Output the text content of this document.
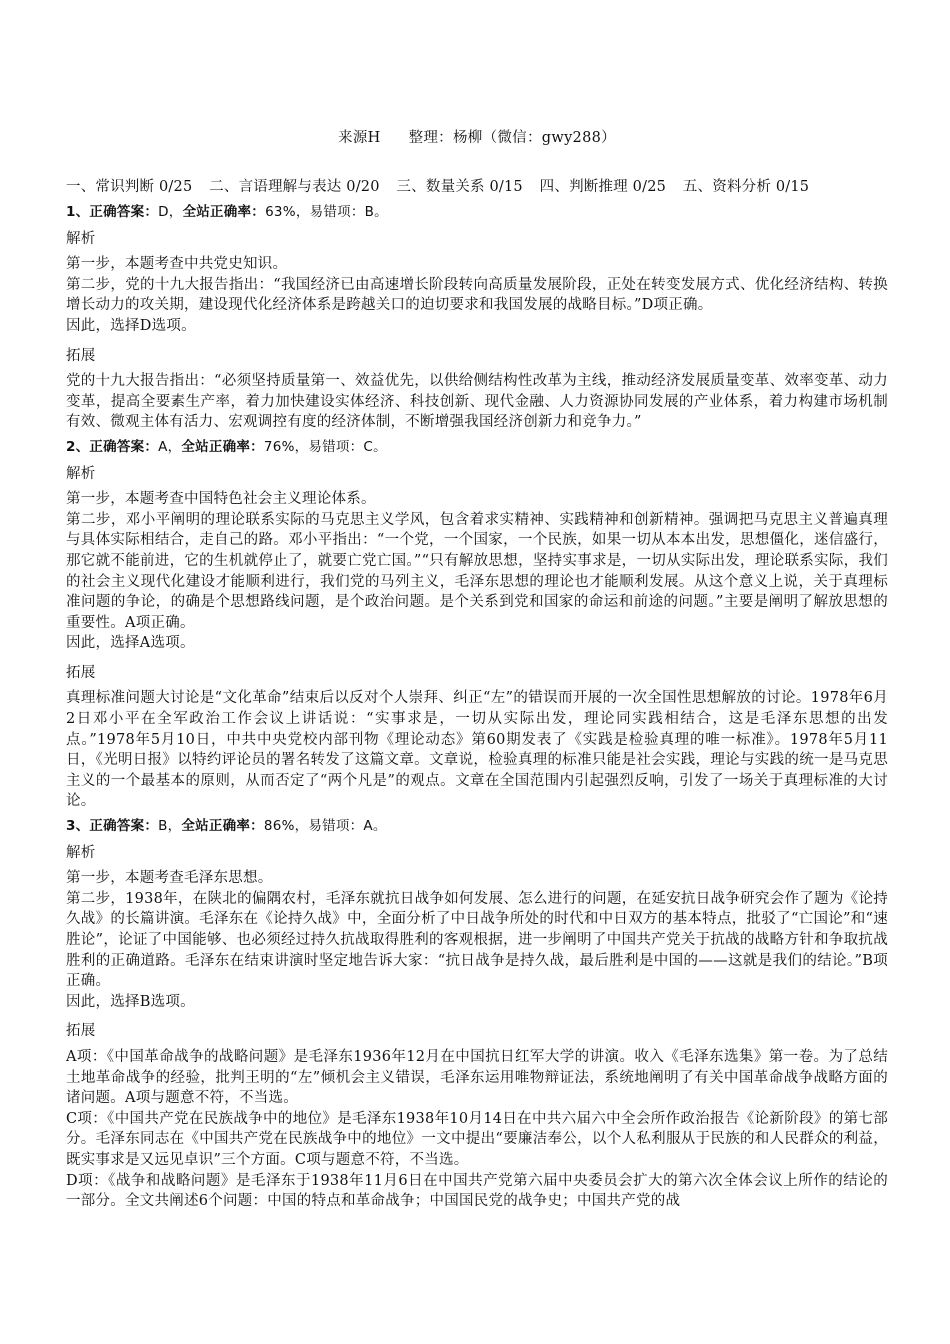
来源H 整理：杨柳（微信：gwy288）
一、常识判断 0/25 二、言语理解与表达 0/20 三、数量关系 0/15 四、判断推理 0/25 五、资料分析 0/15

1、正确答案：D，全站正确率：63%，易错项：B。

解析

第一步，本题考查中共党史知识。

第二步，党的十九大报告指出：“我国经济已由高速增长阶段转向高质量发展阶段，正处在转变发展方式、优化经济结构、转换增长动力的攻关期，建设现代化经济体系是跨越关口的迫切要求和我国发展的战略目标。”D项正确。

因此，选择D选项。

拓展

党的十九大报告指出：“必须坚持质量第一、效益优先，以供给侧结构性改革为主线，推动经济发展质量变革、效率变革、动力变革，提高全要素生产率，着力加快建设实体经济、科技创新、现代金融、人力资源协同发展的产业体系，着力构建市场机制有效、微观主体有活力、宏观调控有度的经济体制，不断增强我国经济创新力和竞争力。”

2、正确答案：A，全站正确率：76%，易错项：C。

解析

第一步，本题考查中国特色社会主义理论体系。

第二步，邓小平阐明的理论联系实际的马克思主义学风，包含着求实精神、实践精神和创新精神。强调把马克思主义普遍真理与具体实际相结合，走自己的路。邓小平指出：“一个党，一个国家，一个民族，如果一切从本本出发，思想僵化，迷信盛行，那它就不能前进，它的生机就停止了，就要亡党亡国。”“只有解放思想，坚持实事求是，一切从实际出发，理论联系实际，我们的社会主义现代化建设才能顺利进行，我们党的马列主义，毛泽东思想的理论也才能顺利发展。从这个意义上说，关于真理标准问题的争论，的确是个思想路线问题，是个政治问题。是个关系到党和国家的命运和前途的问题。”主要是阐明了解放思想的重要性。A项正确。

因此，选择A选项。

拓展

真理标准问题大讨论是“文化革命”结束后以反对个人崇拜、纠正“左”的错误而开展的一次全国性思想解放的讨论。1978年6月2日邓小平在全军政治工作会议上讲话说：“实事求是，一切从实际出发，理论同实践相结合，这是毛泽东思想的出发点。”1978年5月10日，中共中央党校内部刊物《理论动态》第60期发表了《实践是检验真理的唯一标准》。1978年5月11日，《光明日报》以特约评论员的署名转发了这篇文章。文章说，检验真理的标准只能是社会实践，理论与实践的统一是马克思主义的一个最基本的原则，从而否定了“两个凡是”的观点。文章在全国范围内引起强烈反响，引发了一场关于真理标准的大讨论。

3、正确答案：B，全站正确率：86%，易错项：A。

解析

第一步，本题考查毛泽东思想。

第二步，1938年，在陕北的偏隅农村，毛泽东就抗日战争如何发展、怎么进行的问题，在延安抗日战争研究会作了题为《论持久战》的长篇讲演。毛泽东在《论持久战》中，全面分析了中日战争所处的时代和中日双方的基本特点，批驳了“亡国论”和“速胜论”，论证了中国能够、也必须经过持久抗战取得胜利的客观根据，进一步阐明了中国共产党关于抗战的战略方针和争取抗战胜利的正确道路。毛泽东在结束讲演时坚定地告诉大家：“抗日战争是持久战，最后胜利是中国的——这就是我们的结论。”B项正确。

因此，选择B选项。

拓展

A项：《中国革命战争的战略问题》是毛泽东1936年12月在中国抗日红军大学的讲演。收入《毛泽东选集》第一卷。为了总结土地革命战争的经验，批判王明的“左”倾机会主义错误，毛泽东运用唯物辩证法，系统地阐明了有关中国革命战争战略方面的诸问题。A项与题意不符，不当选。

C项：《中国共产党在民族战争中的地位》是毛泽东1938年10月14日在中共六届六中全会所作政治报告《论新阶段》的第七部分。毛泽东同志在《中国共产党在民族战争中的地位》一文中提出“要廉洁奉公，以个人私利服从于民族的和人民群众的利益，既实事求是又远见卓识”三个方面。C项与题意不符，不当选。

D项：《战争和战略问题》是毛泽东于1938年11月6日在中国共产党第六届中央委员会扩大的第六次全体会议上所作的结论的一部分。全文共阐述6个问题：中国的特点和革命战争；中国国民党的战争史；中国共产党的战
